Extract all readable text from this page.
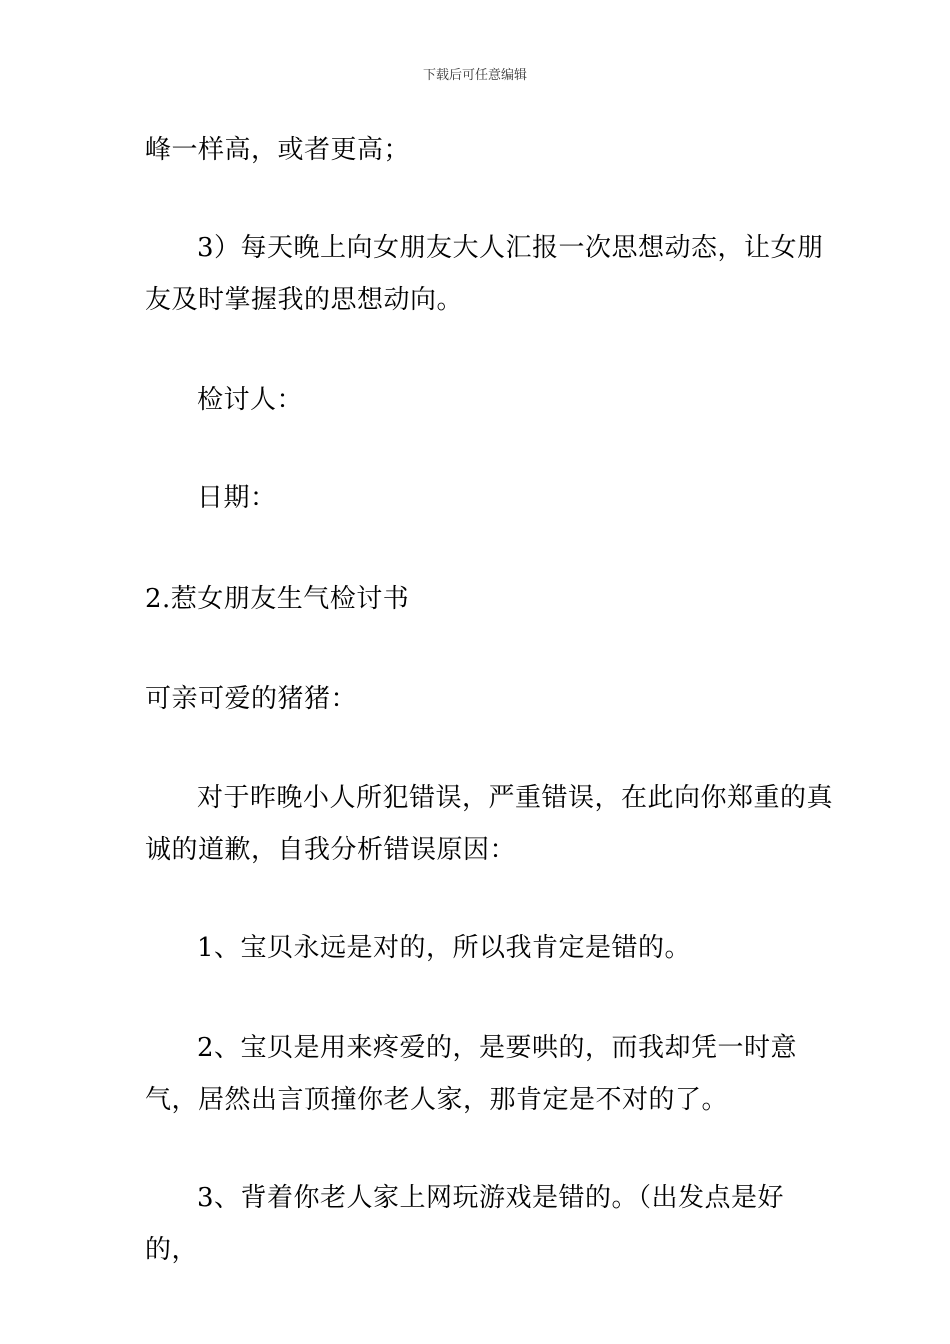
下载后可任意编辑
峰一样高，或者更高；
3）每天晚上向女朋友大人汇报一次思想动态，让女朋友及时掌握我的思想动向。
检讨人：
日期：
2.惹女朋友生气检讨书
可亲可爱的猪猪：
对于昨晚小人所犯错误，严重错误，在此向你郑重的真诚的道歉，自我分析错误原因：
1、宝贝永远是对的，所以我肯定是错的。
2、宝贝是用来疼爱的，是要哄的，而我却凭一时意气，居然出言顶撞你老人家，那肯定是不对的了。
3、背着你老人家上网玩游戏是错的。（出发点是好的，
